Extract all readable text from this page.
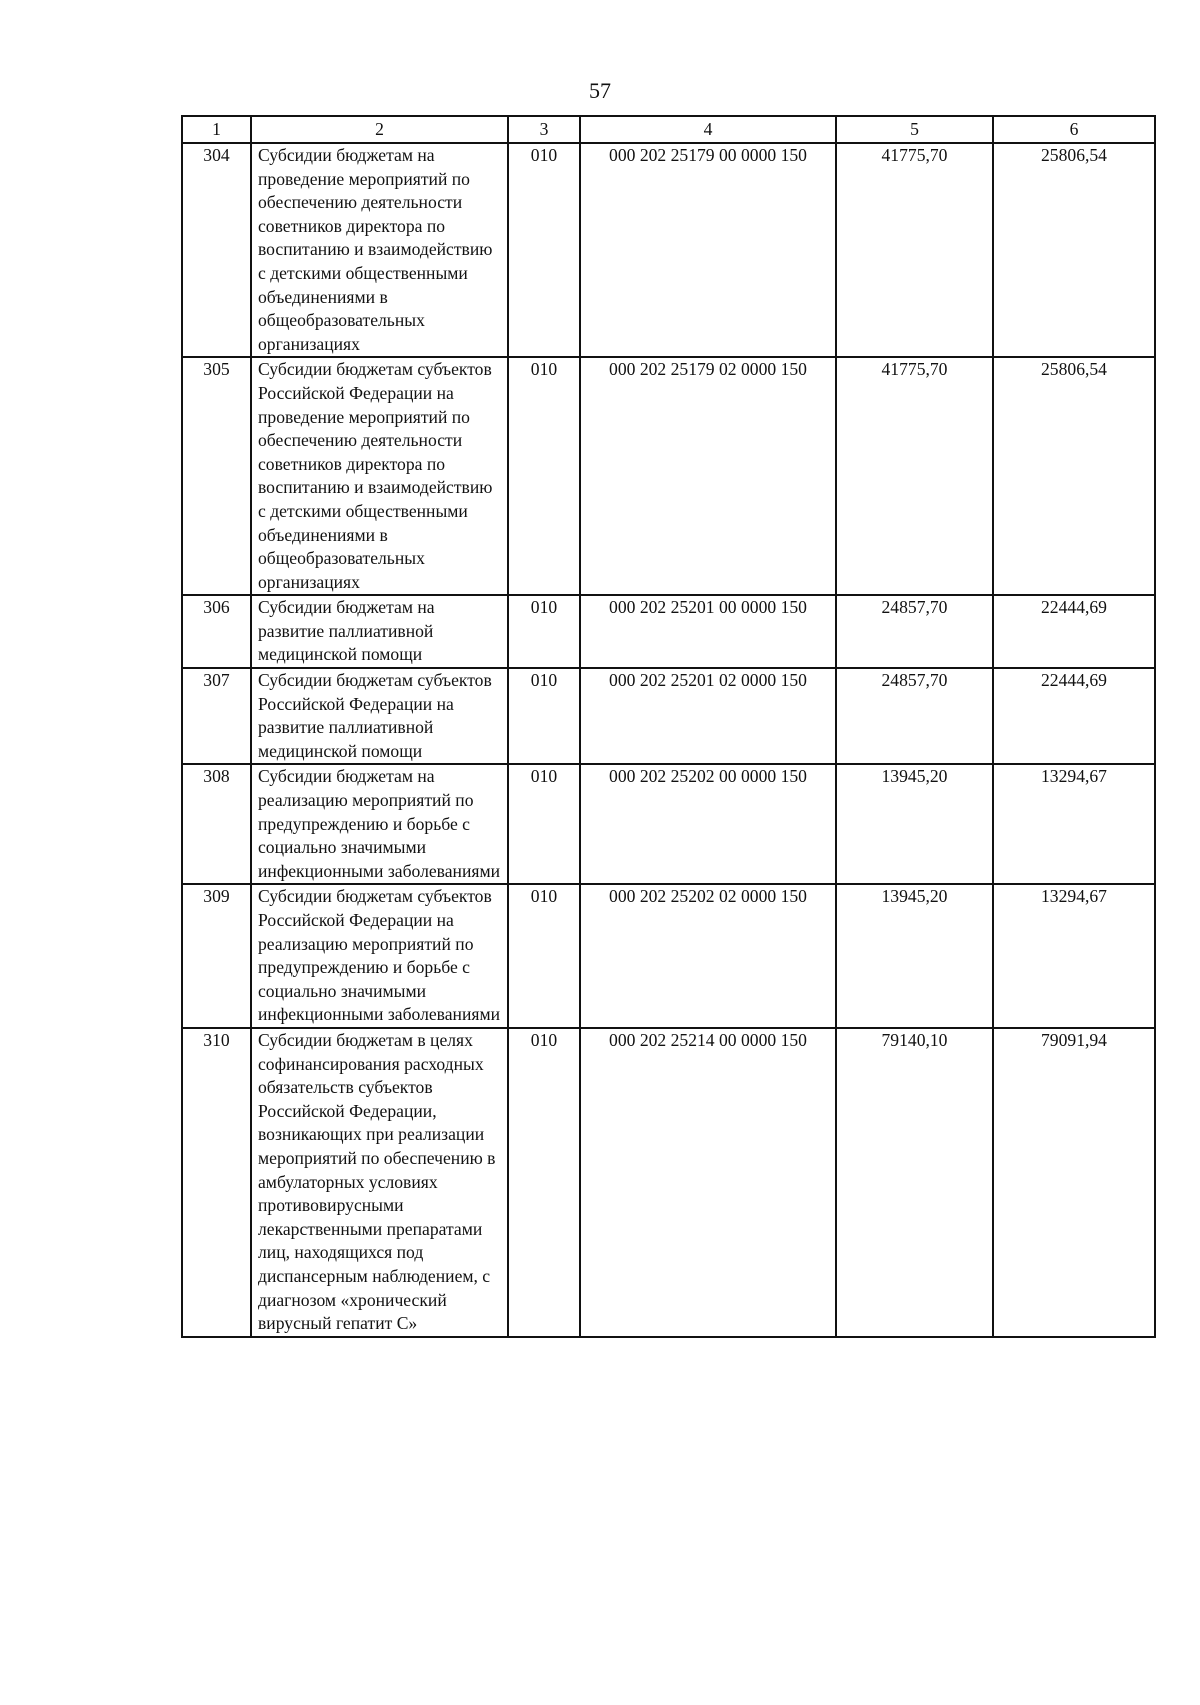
57
1	2	3	4	5	6
304	Субсидии бюджетам на проведение мероприятий по обеспечению деятельности советников директора по воспитанию и взаимодействию с детскими общественными объединениями в общеобразовательных организациях	010	000 202 25179 00 0000 150	41775,70	25806,54
305	Субсидии бюджетам субъектов Российской Федерации на проведение мероприятий по обеспечению деятельности советников директора по воспитанию и взаимодействию с детскими общественными объединениями в общеобразовательных организациях	010	000 202 25179 02 0000 150	41775,70	25806,54
306	Субсидии бюджетам на развитие паллиативной медицинской помощи	010	000 202 25201 00 0000 150	24857,70	22444,69
307	Субсидии бюджетам субъектов Российской Федерации на развитие паллиативной медицинской помощи	010	000 202 25201 02 0000 150	24857,70	22444,69
308	Субсидии бюджетам на реализацию мероприятий по предупреждению и борьбе с социально значимыми инфекционными заболеваниями	010	000 202 25202 00 0000 150	13945,20	13294,67
309	Субсидии бюджетам субъектов Российской Федерации на реализацию мероприятий по предупреждению и борьбе с социально значимыми инфекционными заболеваниями	010	000 202 25202 02 0000 150	13945,20	13294,67
310	Субсидии бюджетам в целях софинансирования расходных обязательств субъектов Российской Федерации, возникающих при реализации мероприятий по обеспечению в амбулаторных условиях противовирусными лекарственными препаратами лиц, находящихся под диспансерным наблюдением, с диагнозом «хронический вирусный гепатит С»	010	000 202 25214 00 0000 150	79140,10	79091,94
